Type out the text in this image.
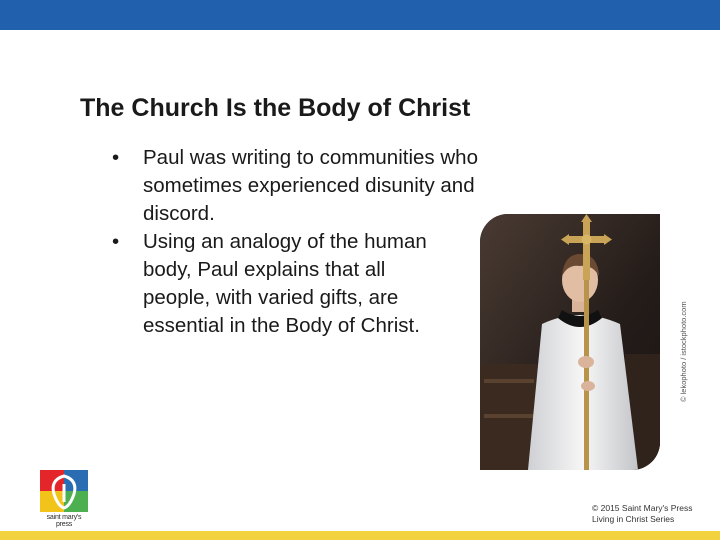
The Church Is the Body of Christ
• Paul was writing to communities who sometimes experienced disunity and discord.
• Using an analogy of the human body, Paul explains that all people, with varied gifts, are essential in the Body of Christ.	© lekophoto / istockphoto.com
saint mary's press
© 2015 Saint Mary's Press
Living in Christ Series
